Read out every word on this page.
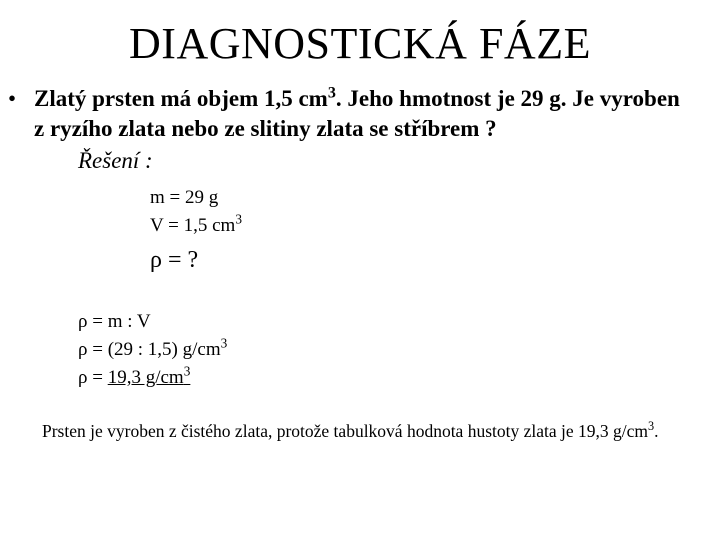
DIAGNOSTICKÁ FÁZE
• Zlatý prsten má objem 1,5 $cm^3$. Jeho hmotnost je 29 g. Je vyroben
z ryzího zlata nebo ze slitiny zlata se stříbrem ?
Řešení :
m = 29 g
V = 1,5 $cm^3$
ρ = ?
ρ = m : V
ρ = (29 : 1,5) $g/cm^3$
ρ = 19,3 $g/cm^3$
Prsten je vyroben z čistého zlata, protože tabulková hodnota hustoty zlata je 19,3 $g/cm^3$.
